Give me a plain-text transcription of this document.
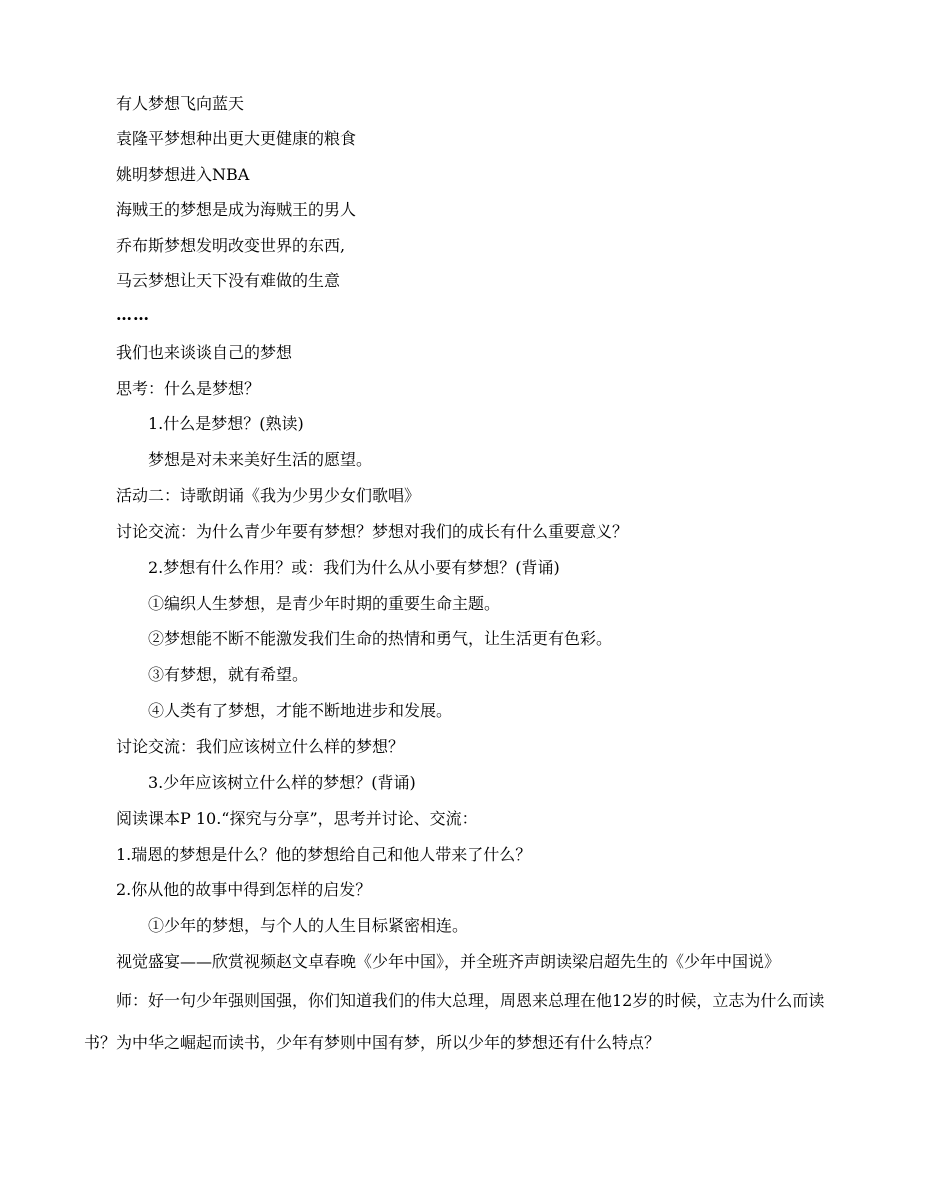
有人梦想飞向蓝天
袁隆平梦想种出更大更健康的粮食
姚明梦想进入NBA
海贼王的梦想是成为海贼王的男人
乔布斯梦想发明改变世界的东西,
马云梦想让天下没有难做的生意
……
我们也来谈谈自己的梦想
思考：什么是梦想？
1.什么是梦想？(熟读)
梦想是对未来美好生活的愿望。
活动二：诗歌朗诵《我为少男少女们歌唱》
讨论交流：为什么青少年要有梦想？梦想对我们的成长有什么重要意义？
2.梦想有什么作用？或：我们为什么从小要有梦想？(背诵)
①编织人生梦想，是青少年时期的重要生命主题。
②梦想能不断不能激发我们生命的热情和勇气，让生活更有色彩。
③有梦想，就有希望。
④人类有了梦想，才能不断地进步和发展。
讨论交流：我们应该树立什么样的梦想？
3.少年应该树立什么样的梦想？(背诵)
阅读课本P 10.“探究与分享”，思考并讨论、交流：
1.瑞恩的梦想是什么？他的梦想给自己和他人带来了什么？
2.你从他的故事中得到怎样的启发？
①少年的梦想，与个人的人生目标紧密相连。
视觉盛宴——欣赏视频赵文卓春晚《少年中国》，并全班齐声朗读梁启超先生的《少年中国说》
师：好一句少年强则国强，你们知道我们的伟大总理，周恩来总理在他12岁的时候，立志为什么而读
书？为中华之崛起而读书，少年有梦则中国有梦，所以少年的梦想还有什么特点？
